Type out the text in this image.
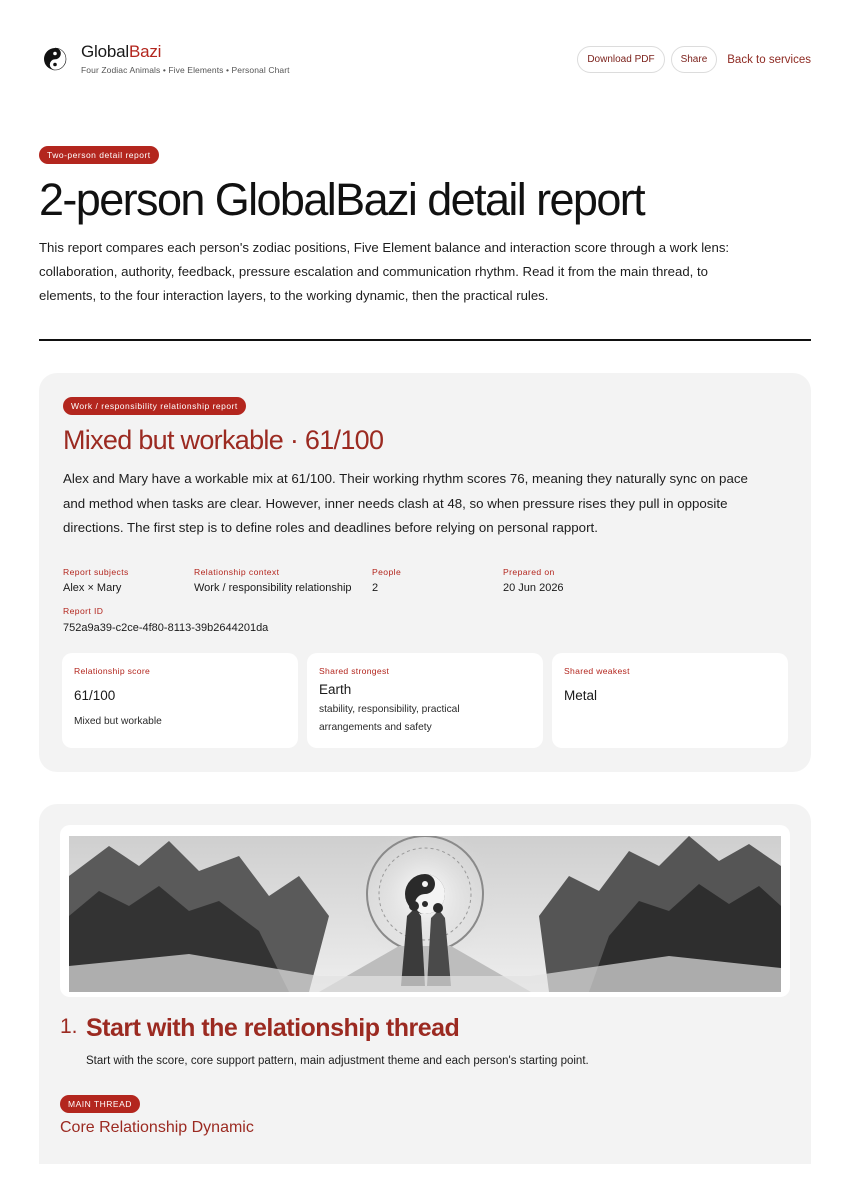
GlobalBazi
Four Zodiac Animals • Five Elements • Personal Chart
Download PDF	Share	Back to services
Two-person detail report
2-person GlobalBazi detail report

This report compares each person's zodiac positions, Five Element balance and interaction score through a work lens: collaboration, authority, feedback, pressure escalation and communication rhythm. Read it from the main thread, to elements, to the four interaction layers, to the working dynamic, then the practical rules.

Work / responsibility relationship report
Mixed but workable · 61/100

Alex and Mary have a workable mix at 61/100. Their working rhythm scores 76, meaning they naturally sync on pace and method when tasks are clear. However, inner needs clash at 48, so when pressure rises they pull in opposite directions. The first step is to define roles and deadlines before relying on personal rapport.

Report subjects
Alex × Mary
Relationship context
Work / responsibility relationship
People
2
Prepared on
20 Jun 2026
Report ID
752a9a39-c2ce-4f80-8113-39b2644201da
Relationship score
61/100
Mixed but workable
Shared strongest
Earth
stability, responsibility, practical arrangements and safety
Shared weakest
Metal
1. Start with the relationship thread

Start with the score, core support pattern, main adjustment theme and each person's starting point.

MAIN THREAD
Core Relationship Dynamic
